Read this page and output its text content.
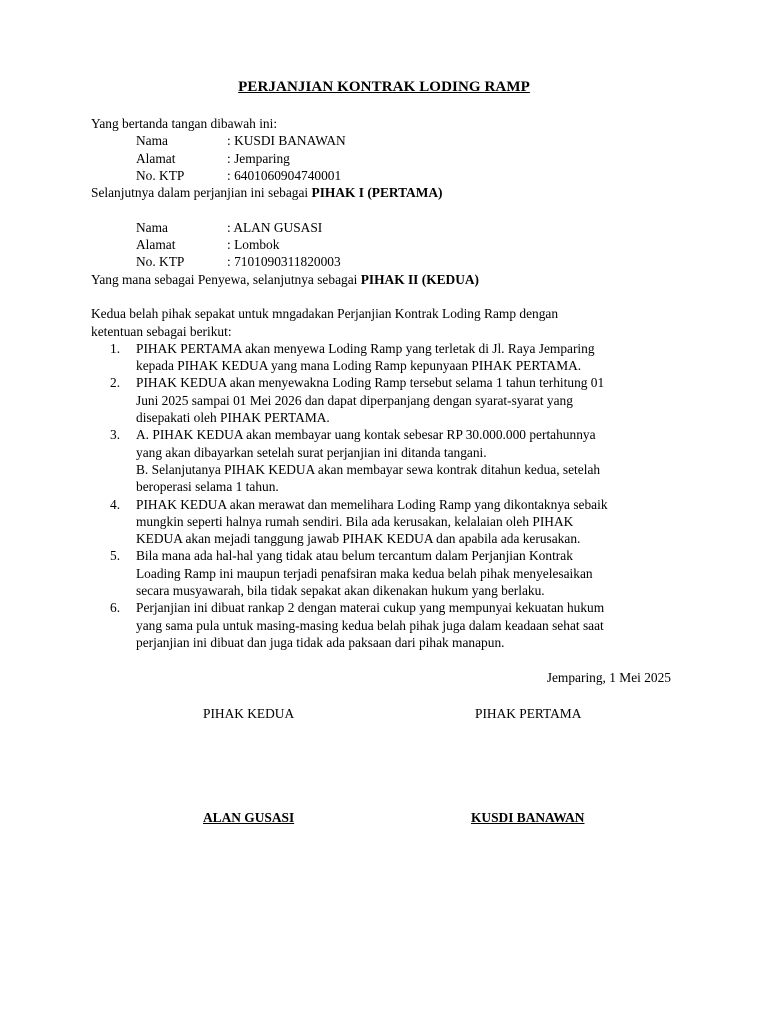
PERJANJIAN KONTRAK LODING RAMP

Yang bertanda tangan dibawah ini:

Nama	: KUSDI BANAWAN
Alamat	: Jemparing
No. KTP	: 6401060904740001

Selanjutnya dalam perjanjian ini sebagai PIHAK I (PERTAMA)

Nama	: ALAN GUSASI
Alamat	: Lombok
No. KTP	: 7101090311820003

Yang mana sebagai Penyewa, selanjutnya sebagai PIHAK II (KEDUA)

Kedua belah pihak sepakat untuk mngadakan Perjanjian Kontrak Loding Ramp dengan

ketentuan sebagai berikut:

1. PIHAK PERTAMA akan menyewa Loding Ramp yang terletak di Jl. Raya Jemparing
kepada PIHAK KEDUA yang mana Loding Ramp kepunyaan PIHAK PERTAMA.
2. PIHAK KEDUA akan menyewakna Loding Ramp tersebut selama 1 tahun terhitung 01
Juni 2025 sampai 01 Mei 2026 dan dapat diperpanjang dengan syarat-syarat yang
disepakati oleh PIHAK PERTAMA.
3. A. PIHAK KEDUA akan membayar uang kontak sebesar RP 30.000.000 pertahunnya
yang akan dibayarkan setelah surat perjanjian ini ditanda tangani.
B. Selanjutanya PIHAK KEDUA akan membayar sewa kontrak ditahun kedua, setelah
beroperasi selama 1 tahun.
4. PIHAK KEDUA akan merawat dan memelihara Loding Ramp yang dikontaknya sebaik
mungkin seperti halnya rumah sendiri. Bila ada kerusakan, kelalaian oleh PIHAK
KEDUA akan mejadi tanggung jawab PIHAK KEDUA dan apabila ada kerusakan.
5. Bila mana ada hal-hal yang tidak atau belum tercantum dalam Perjanjian Kontrak
Loading Ramp ini maupun terjadi penafsiran maka kedua belah pihak menyelesaikan
secara musyawarah, bila tidak sepakat akan dikenakan hukum yang berlaku.
6. Perjanjian ini dibuat rankap 2 dengan materai cukup yang mempunyai kekuatan hukum
yang sama pula untuk masing-masing kedua belah pihak juga dalam keadaan sehat saat
perjanjian ini dibuat dan juga tidak ada paksaan dari pihak manapun.
Jemparing, 1 Mei 2025
PIHAK KEDUA	PIHAK PERTAMA
ALAN GUSASI	KUSDI BANAWAN
